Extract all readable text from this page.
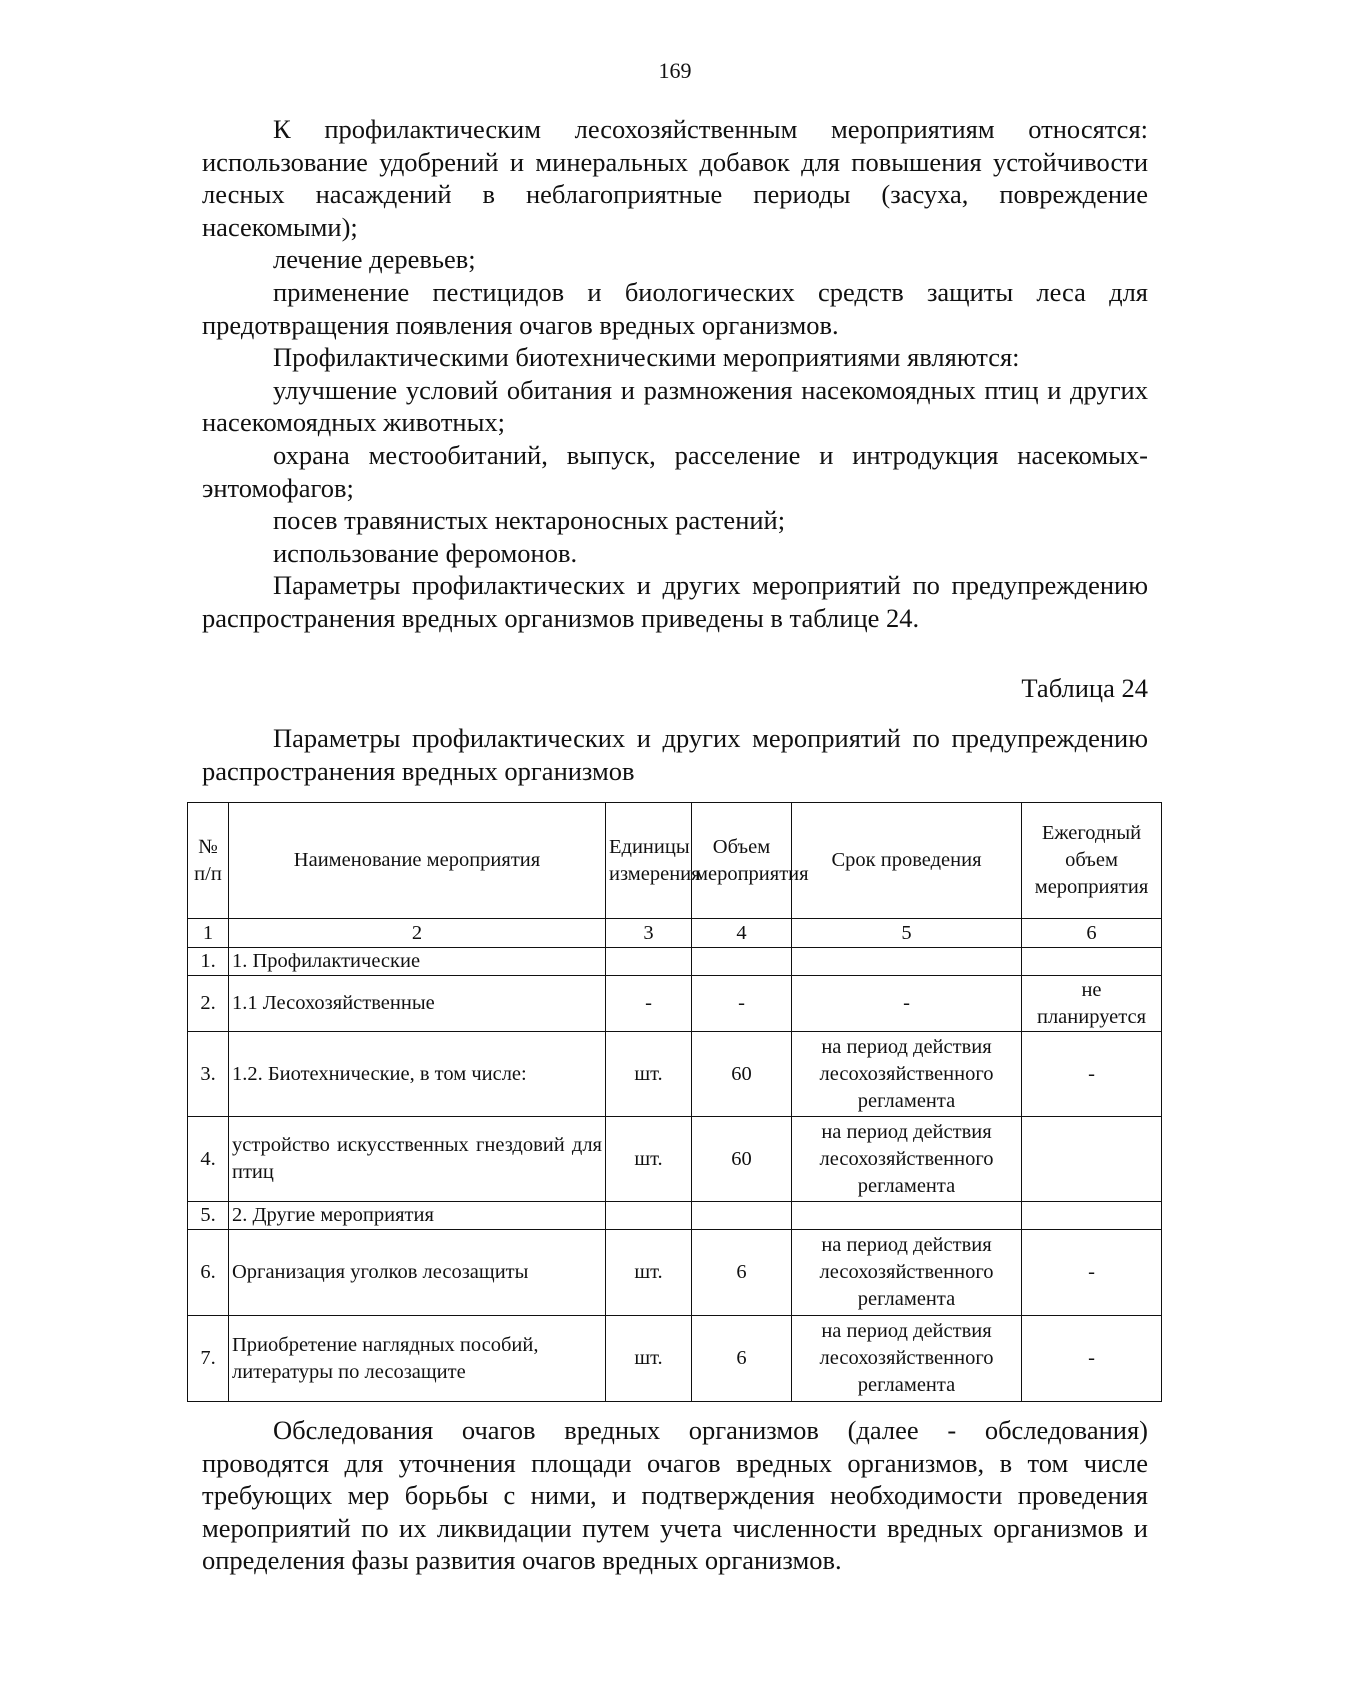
169

К профилактическим лесохозяйственным мероприятиям относятся: использование удобрений и минеральных добавок для повышения устойчивости лесных насаждений в неблагоприятные периоды (засуха, повреждение насекомыми);

лечение деревьев;

применение пестицидов и биологических средств защиты леса для предотвращения появления очагов вредных организмов.

Профилактическими биотехническими мероприятиями являются:

улучшение условий обитания и размножения насекомоядных птиц и других насекомоядных животных;

охрана местообитаний, выпуск, расселение и интродукция насекомых-энтомофагов;

посев травянистых нектароносных растений;

использование феромонов.

Параметры профилактических и других мероприятий по предупреждению распространения вредных организмов приведены в таблице 24.

Таблица 24

Параметры профилактических и других мероприятий по предупреждению распространения вредных организмов

№ п/п	Наименование мероприятия	Единицы измерения	Объем мероприятия	Срок проведения	Ежегодный объем мероприятия
1	2	3	4	5	6
1.	1. Профилактические				
2.	1.1 Лесохозяйственные	-	-	-	не планируется
3.	1.2. Биотехнические, в том числе:	шт.	60	на период действия лесохозяйственного регламента	-
4.	устройство искусственных гнездовий для птиц	шт.	60	на период действия лесохозяйственного регламента	
5.	2. Другие мероприятия				
6.	Организация уголков лесозащиты	шт.	6	на период действия лесохозяйственного регламента	-
7.	Приобретение наглядных пособий, литературы по лесозащите	шт.	6	на период действия лесохозяйственного регламента	-

Обследования очагов вредных организмов (далее - обследования) проводятся для уточнения площади очагов вредных организмов, в том числе требующих мер борьбы с ними, и подтверждения необходимости проведения мероприятий по их ликвидации путем учета численности вредных организмов и определения фазы развития очагов вредных организмов.
